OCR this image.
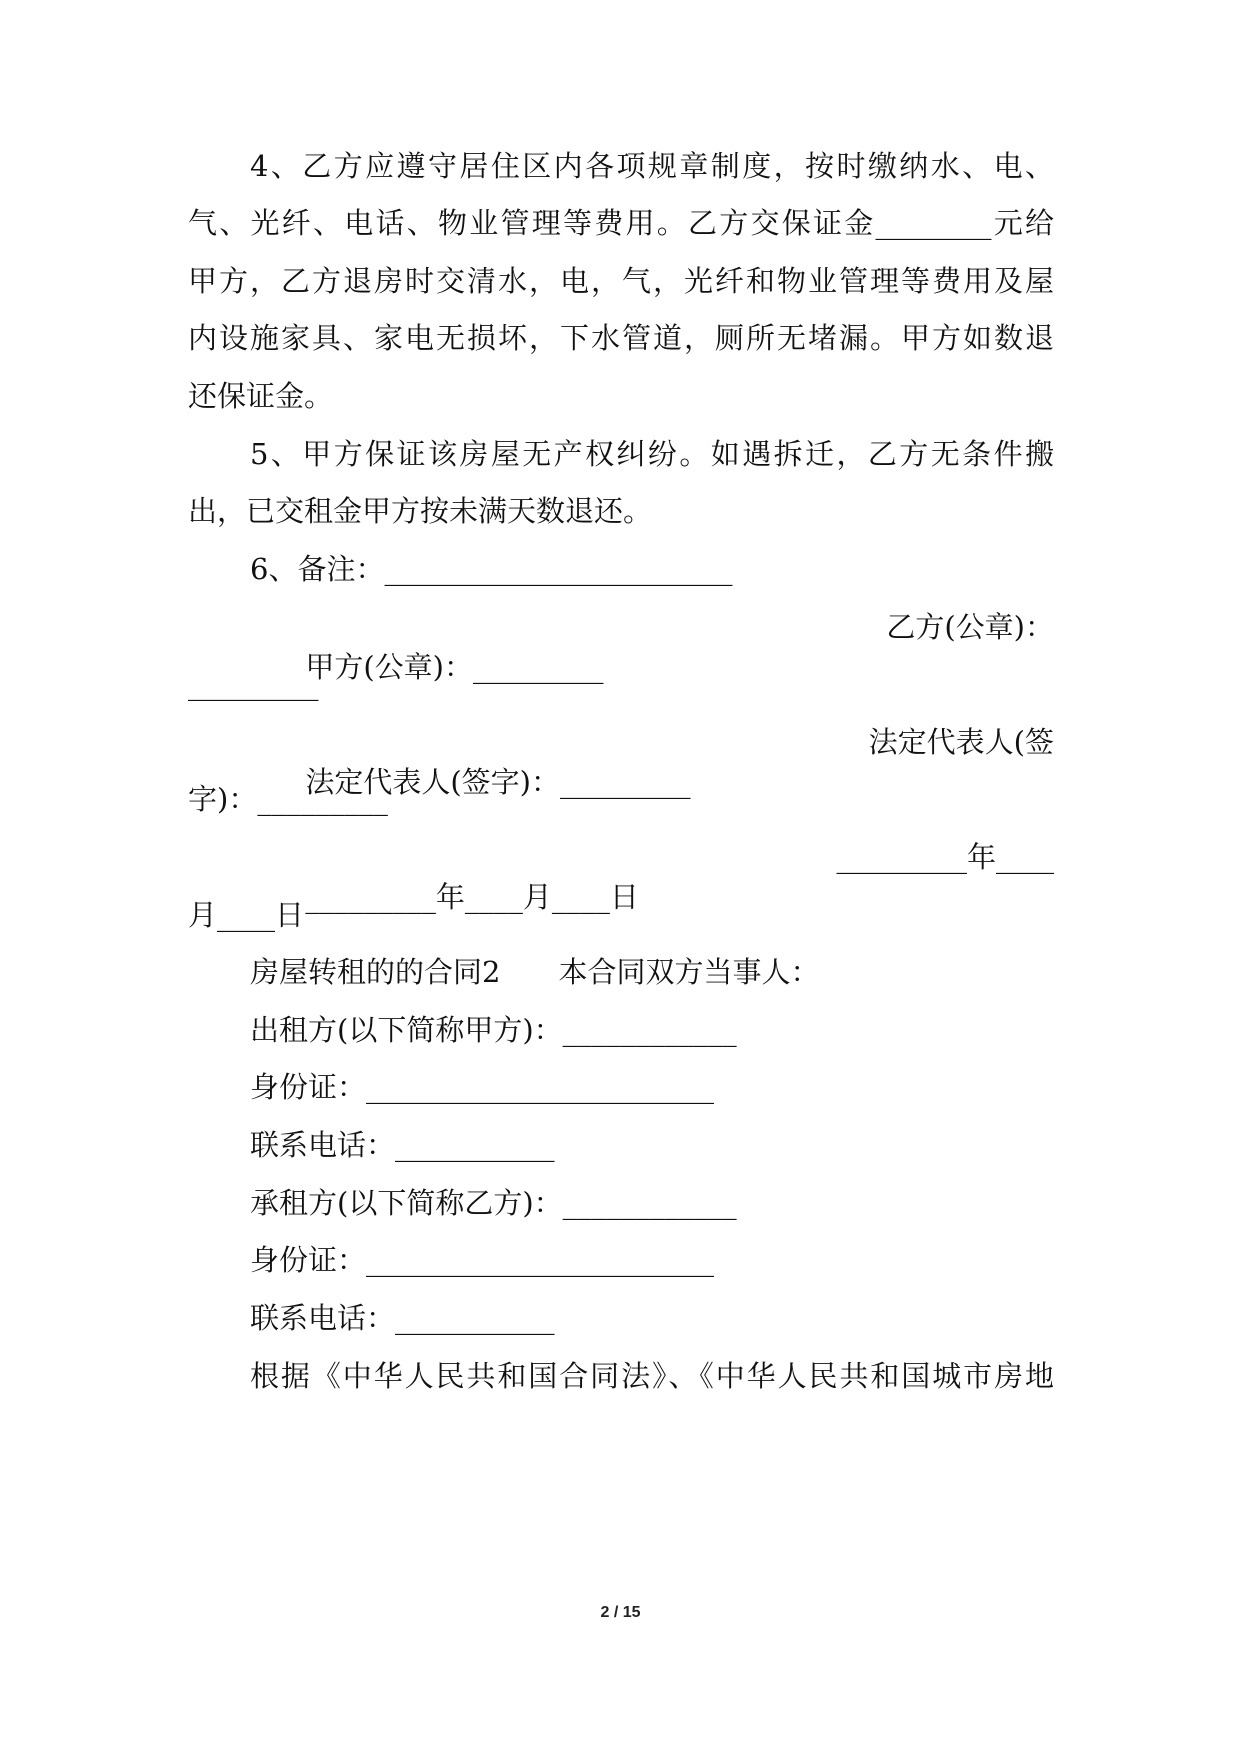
4、乙方应遵守居住区内各项规章制度，按时缴纳水、电、
气、光纤、电话、物业管理等费用。乙方交保证金________元给
甲方，乙方退房时交清水，电，气，光纤和物业管理等费用及屋
内设施家具、家电无损坏，下水管道，厕所无堵漏。甲方如数退
还保证金。
5、甲方保证该房屋无产权纠纷。如遇拆迁，乙方无条件搬
出，已交租金甲方按未满天数退还。
6、备注：________________________

甲方(公章)：_________

乙方(公章)：

_________

法定代表人(签字)：_________

法定代表人(签

字)：_________

_________年____月____日

_________年____

月____日
房屋转租的的合同2　　本合同双方当事人：
出租方(以下简称甲方)：____________
身份证：________________________
联系电话：___________
承租方(以下简称乙方)：____________
身份证：________________________
联系电话：___________
根据《中华人民共和国合同法》、《中华人民共和国城市房地
2 / 15
